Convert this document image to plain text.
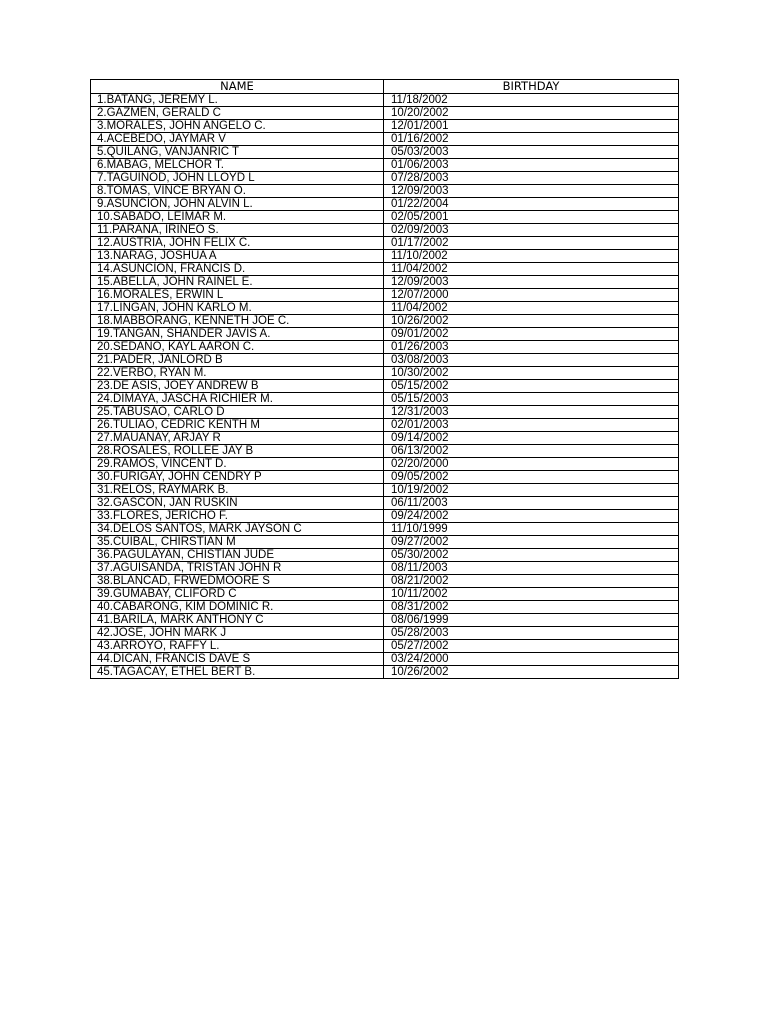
NAME	BIRTHDAY
1.BATANG, JEREMY L.	11/18/2002
2.GAZMEN, GERALD C	10/20/2002
3.MORALES, JOHN ANGELO C.	12/01/2001
4.ACEBEDO, JAYMAR V	01/16/2002
5.QUILANG, VANJANRIC T	05/03/2003
6.MABAG, MELCHOR T.	01/06/2003
7.TAGUINOD, JOHN LLOYD L	07/28/2003
8.TOMAS, VINCE BRYAN O.	12/09/2003
9.ASUNCION, JOHN ALVIN L.	01/22/2004
10.SABADO, LEIMAR M.	02/05/2001
11.PARANA, IRINEO S.	02/09/2003
12.AUSTRIA, JOHN FELIX C.	01/17/2002
13.NARAG, JOSHUA A	11/10/2002
14.ASUNCION, FRANCIS D.	11/04/2002
15.ABELLA, JOHN RAINEL E.	12/09/2003
16.MORALES, ERWIN L	12/07/2000
17.LINGAN, JOHN KARLO M.	11/04/2002
18.MABBORANG, KENNETH JOE C.	10/26/2002
19.TANGAN, SHANDER JAVIS A.	09/01/2002
20.SEDANO, KAYL AARON C.	01/26/2003
21.PADER, JANLORD B	03/08/2003
22.VERBO, RYAN M.	10/30/2002
23.DE ASIS, JOEY ANDREW B	05/15/2002
24.DIMAYA, JASCHA RICHIER M.	05/15/2003
25.TABUSAO, CARLO D	12/31/2003
26.TULIAO, CEDRIC KENTH M	02/01/2003
27.MAUANAY, ARJAY R	09/14/2002
28.ROSALES, ROLLEE JAY B	06/13/2002
29.RAMOS, VINCENT D.	02/20/2000
30.FURIGAY, JOHN CENDRY P	09/05/2002
31.RELOS, RAYMARK B.	10/19/2002
32.GASCON, JAN RUSKIN	06/11/2003
33.FLORES, JERICHO F.	09/24/2002
34.DELOS SANTOS, MARK JAYSON C	11/10/1999
35.CUIBAL, CHIRSTIAN M	09/27/2002
36.PAGULAYAN, CHISTIAN JUDE	05/30/2002
37.AGUISANDA, TRISTAN JOHN R	08/11/2003
38.BLANCAD, FRWEDMOORE S	08/21/2002
39.GUMABAY, CLIFORD C	10/11/2002
40.CABARONG, KIM DOMINIC R.	08/31/2002
41.BARILA, MARK ANTHONY C	08/06/1999
42.JOSE, JOHN MARK J	05/28/2003
43.ARROYO, RAFFY L.	05/27/2002
44.DICAN, FRANCIS DAVE S	03/24/2000
45.TAGACAY, ETHEL BERT B.	10/26/2002
